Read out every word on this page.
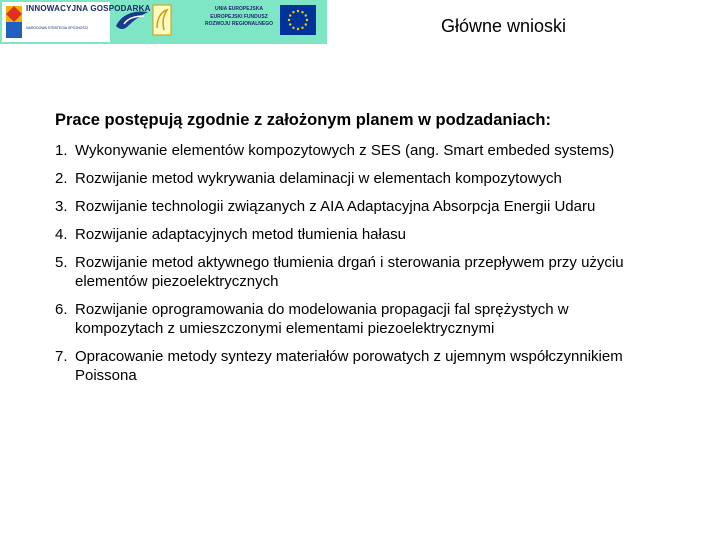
INNOWACYJNA GOSPODARKA
NARODOWA STRATEGIA SPÓJNOŚCI
UNIA EUROPEJSKA EUROPEJSKI FUNDUSZ ROZWOJU REGIONALNEGO	Główne wnioski
Prace postępują zgodnie z założonym planem w podzadaniach:
1. Wykonywanie elementów kompozytowych z SES (ang. Smart embeded systems)
2. Rozwijanie metod wykrywania delaminacji w elementach kompozytowych
3. Rozwijanie technologii związanych z AIA Adaptacyjna Absorpcja Energii Udaru
4. Rozwijanie adaptacyjnych metod tłumienia hałasu
5. Rozwijanie metod aktywnego tłumienia drgań i sterowania przepływem przy użyciu elementów piezoelektrycznych
6. Rozwijanie oprogramowania do modelowania propagacji fal sprężystych w kompozytach z umieszczonymi elementami piezoelektrycznymi
7. Opracowanie metody syntezy materiałów porowatych z ujemnym współczynnikiem Poissona
